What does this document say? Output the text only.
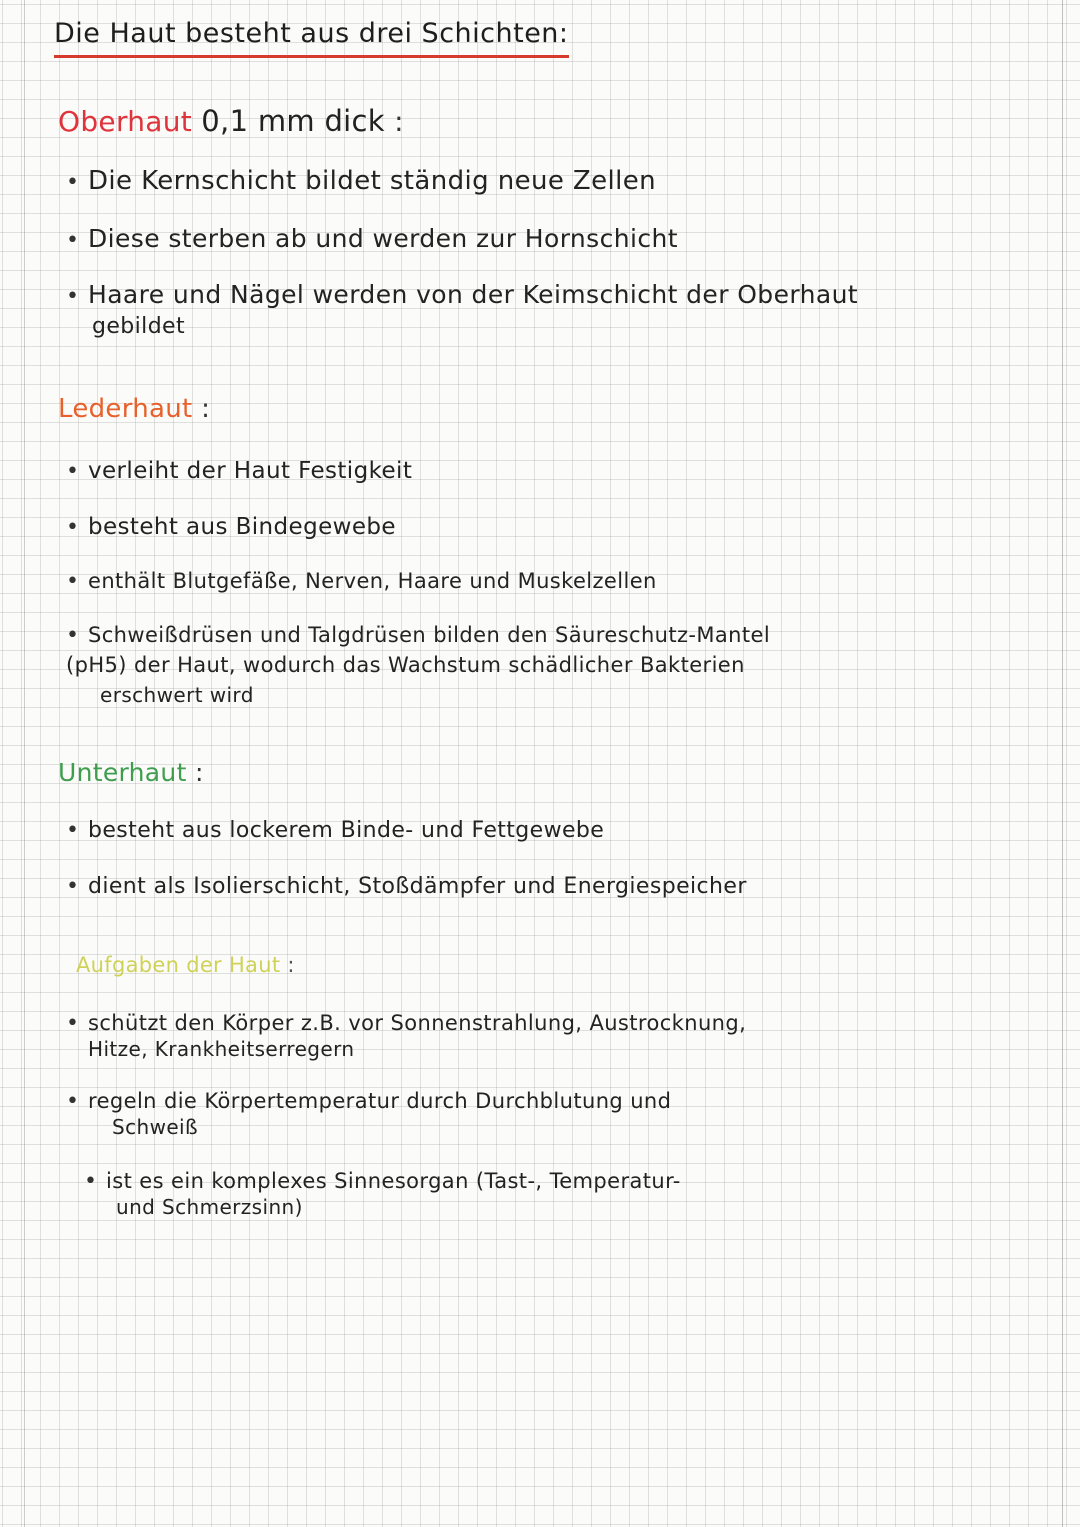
Die Haut besteht aus drei Schichten:
Oberhaut 0,1 mm dick :
• Die Kernschicht bildet ständig neue Zellen
• Diese sterben ab und werden zur Hornschicht
• Haare und Nägel werden von der Keimschicht der Oberhaut
gebildet
Lederhaut :
• verleiht der Haut Festigkeit
• besteht aus Bindegewebe
• enthält Blutgefäße, Nerven, Haare und Muskelzellen
• Schweißdrüsen und Talgdrüsen bilden den Säureschutz-Mantel
(pH5) der Haut, wodurch das Wachstum schädlicher Bakterien
erschwert wird
Unterhaut :
• besteht aus lockerem Binde- und Fettgewebe
• dient als Isolierschicht, Stoßdämpfer und Energiespeicher
Aufgaben der Haut :
• schützt den Körper z.B. vor Sonnenstrahlung, Austrocknung,
Hitze, Krankheitserregern
• regeln die Körpertemperatur durch Durchblutung und
Schweiß
• ist es ein komplexes Sinnesorgan (Tast-, Temperatur-
und Schmerzsinn)
